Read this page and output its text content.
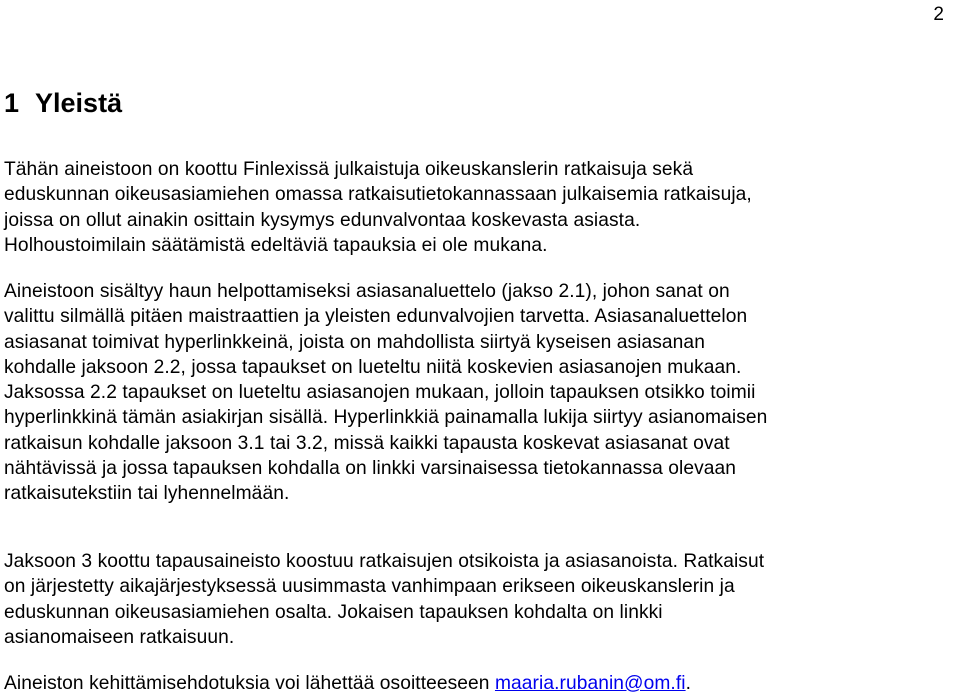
2
1 Yleistä

Tähän aineistoon on koottu Finlexissä julkaistuja oikeuskanslerin ratkaisuja sekä
eduskunnan oikeusasiamiehen omassa ratkaisutietokannassaan julkaisemia ratkaisuja,
joissa on ollut ainakin osittain kysymys edunvalvontaa koskevasta asiasta.
Holhoustoimilain säätämistä edeltäviä tapauksia ei ole mukana.

Aineistoon sisältyy haun helpottamiseksi asiasanaluettelo (jakso 2.1), johon sanat on
valittu silmällä pitäen maistraattien ja yleisten edunvalvojien tarvetta. Asiasanaluettelon
asiasanat toimivat hyperlinkkeinä, joista on mahdollista siirtyä kyseisen asiasanan
kohdalle jaksoon 2.2, jossa tapaukset on lueteltu niitä koskevien asiasanojen mukaan.
Jaksossa 2.2 tapaukset on lueteltu asiasanojen mukaan, jolloin tapauksen otsikko toimii
hyperlinkkinä tämän asiakirjan sisällä. Hyperlinkkiä painamalla lukija siirtyy asianomaisen
ratkaisun kohdalle jaksoon 3.1 tai 3.2, missä kaikki tapausta koskevat asiasanat ovat
nähtävissä ja jossa tapauksen kohdalla on linkki varsinaisessa tietokannassa olevaan
ratkaisutekstiin tai lyhennelmään.

Jaksoon 3 koottu tapausaineisto koostuu ratkaisujen otsikoista ja asiasanoista. Ratkaisut
on järjestetty aikajärjestyksessä uusimmasta vanhimpaan erikseen oikeuskanslerin ja
eduskunnan oikeusasiamiehen osalta. Jokaisen tapauksen kohdalta on linkki
asianomaiseen ratkaisuun.

Aineiston kehittämisehdotuksia voi lähettää osoitteeseen maaria.rubanin@om.fi.
